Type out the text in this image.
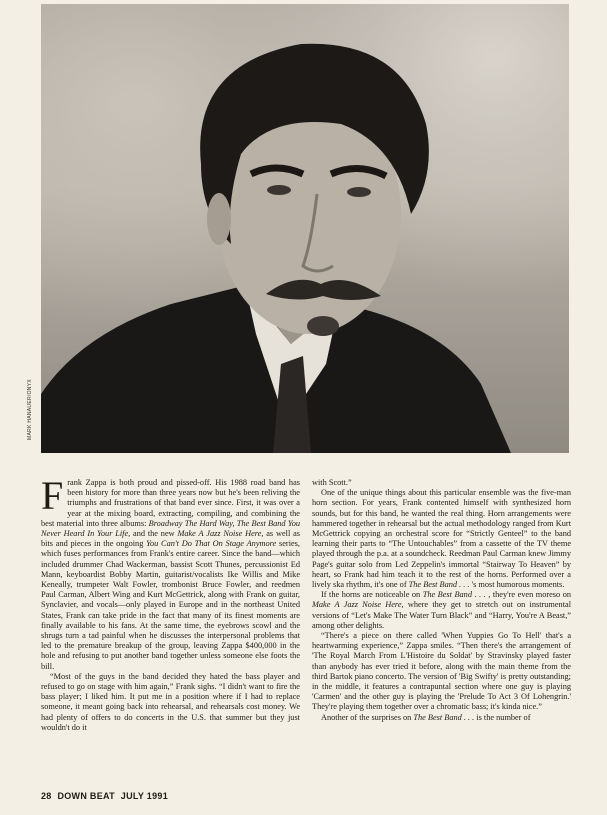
MARK HANAUER/ONYX

Frank Zappa is both proud and pissed-off. His 1988 road band has been history for more than three years now but he's been reliving the triumphs and frustrations of that band ever since. First, it was over a year at the mixing board, extracting, compiling, and combining the best material into three albums: Broadway The Hard Way, The Best Band You Never Heard In Your Life, and the new Make A Jazz Noise Here, as well as bits and pieces in the ongoing You Can't Do That On Stage Anymore series, which fuses performances from Frank's entire career. Since the band—which included drummer Chad Wackerman, bassist Scott Thunes, percussionist Ed Mann, keyboardist Bobby Martin, guitarist/vocalists Ike Willis and Mike Keneally, trumpeter Walt Fowler, trombonist Bruce Fowler, and reedmen Paul Carman, Albert Wing and Kurt McGettrick, along with Frank on guitar, Synclavier, and vocals—only played in Europe and in the northeast United States, Frank can take pride in the fact that many of its finest moments are finally available to his fans. At the same time, the eyebrows scowl and the shrugs turn a tad painful when he discusses the interpersonal problems that led to the premature breakup of the group, leaving Zappa $400,000 in the hole and refusing to put another band together unless someone else foots the bill.

“Most of the guys in the band decided they hated the bass player and refused to go on stage with him again,” Frank sighs. “I didn't want to fire the bass player; I liked him. It put me in a position where if I had to replace someone, it meant going back into rehearsal, and rehearsals cost money. We had plenty of offers to do concerts in the U.S. that summer but they just wouldn't do it

with Scott.”

One of the unique things about this particular ensemble was the five-man horn section. For years, Frank contented himself with synthesized horn sounds, but for this band, he wanted the real thing. Horn arrangements were hammered together in rehearsal but the actual methodology ranged from Kurt McGettrick copying an orchestral score for “Strictly Genteel” to the band learning their parts to “The Untouchables” from a cassette of the TV theme played through the p.a. at a soundcheck. Reedman Paul Carman knew Jimmy Page's guitar solo from Led Zeppelin's immortal “Stairway To Heaven” by heart, so Frank had him teach it to the rest of the horns. Performed over a lively ska rhythm, it's one of The Best Band . . . 's most humorous moments.

If the horns are noticeable on The Best Band . . . , they're even moreso on Make A Jazz Noise Here, where they get to stretch out on instrumental versions of “Let's Make The Water Turn Black” and “Harry, You're A Beast,” among other delights.

“There's a piece on there called 'When Yuppies Go To Hell' that's a heartwarming experience,” Zappa smiles. “Then there's the arrangement of 'The Royal March From L'Histoire du Soldat' by Stravinsky played faster than anybody has ever tried it before, along with the main theme from the third Bartok piano concerto. The version of 'Big Swifty' is pretty outstanding; in the middle, it features a contrapuntal section where one guy is playing 'Carmen' and the other guy is playing the 'Prelude To Act 3 Of Lohengrin.' They're playing them together over a chromatic bass; it's kinda nice.”

Another of the surprises on The Best Band . . . is the number of

28 DOWN BEAT JULY 1991
